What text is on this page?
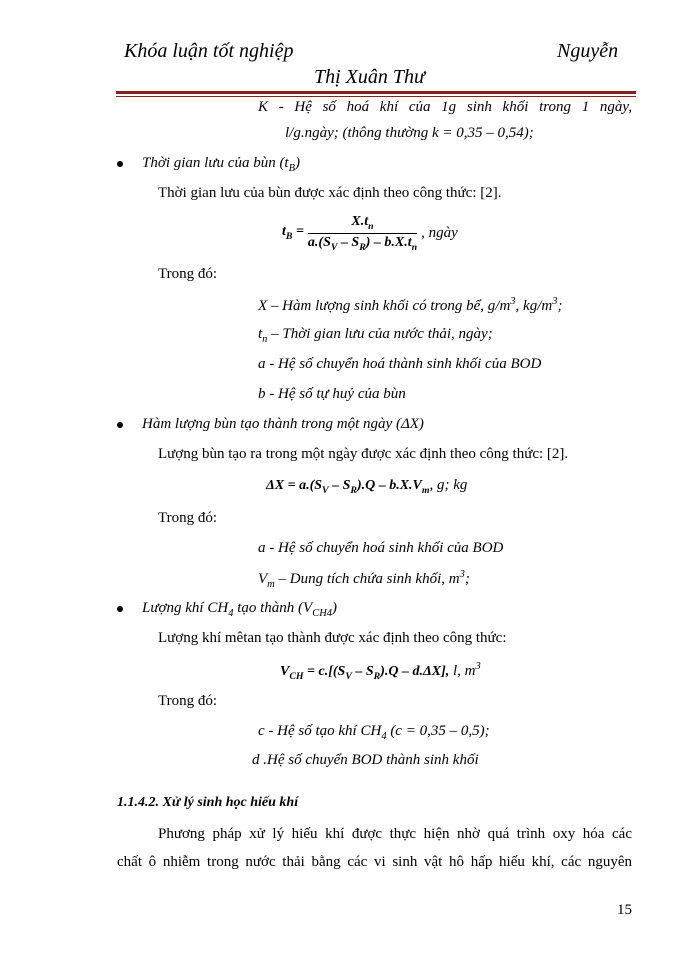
Khóa luận tốt nghiệp	Nguyễn
Thị Xuân Thư
K - Hệ số hoá khí của 1g sinh khối trong 1 ngày,
l/g.ngày; (thông thường k = 0,35 – 0,54);
Thời gian lưu của bùn $(t_B)$
Thời gian lưu của bùn được xác định theo công thức: [2].
$t_B = \frac{X.t_n}{a.(S_V - S_R) - b.X.t_n}$ , ngày
Trong đó:
X – Hàm lượng sinh khối có trong bể, $g/m^3$, $kg/m^3$;
$t_n$ – Thời gian lưu của nước thải, ngày;
a - Hệ số chuyển hoá thành sinh khối của BOD
b - Hệ số tự huỷ của bùn
Hàm lượng bùn tạo thành trong một ngày (ΔX)
Lượng bùn tạo ra trong một ngày được xác định theo công thức: [2].
$\Delta X = a.(S_V - S_R).Q - b.X.V_m$, g; kg
Trong đó:
a - Hệ số chuyển hoá sinh khối của BOD
$V_m$ – Dung tích chứa sinh khối, $m^3$;
Lượng khí $CH_4$ tạo thành $(V_{CH4})$
Lượng khí mêtan tạo thành được xác định theo công thức:
$V_{CH} = c.[(S_V - S_R).Q - d.\Delta X]$, l, $m^3$
Trong đó:
c - Hệ số tạo khí $CH_4$ (c = 0,35 – 0,5);
d .Hệ số chuyển BOD thành sinh khối
1.1.4.2. Xử lý sinh học hiếu khí
Phương pháp xử lý hiếu khí được thực hiện nhờ quá trình oxy hóa các
chất ô nhiễm trong nước thải bằng các vi sinh vật hô hấp hiếu khí, các nguyên
15
